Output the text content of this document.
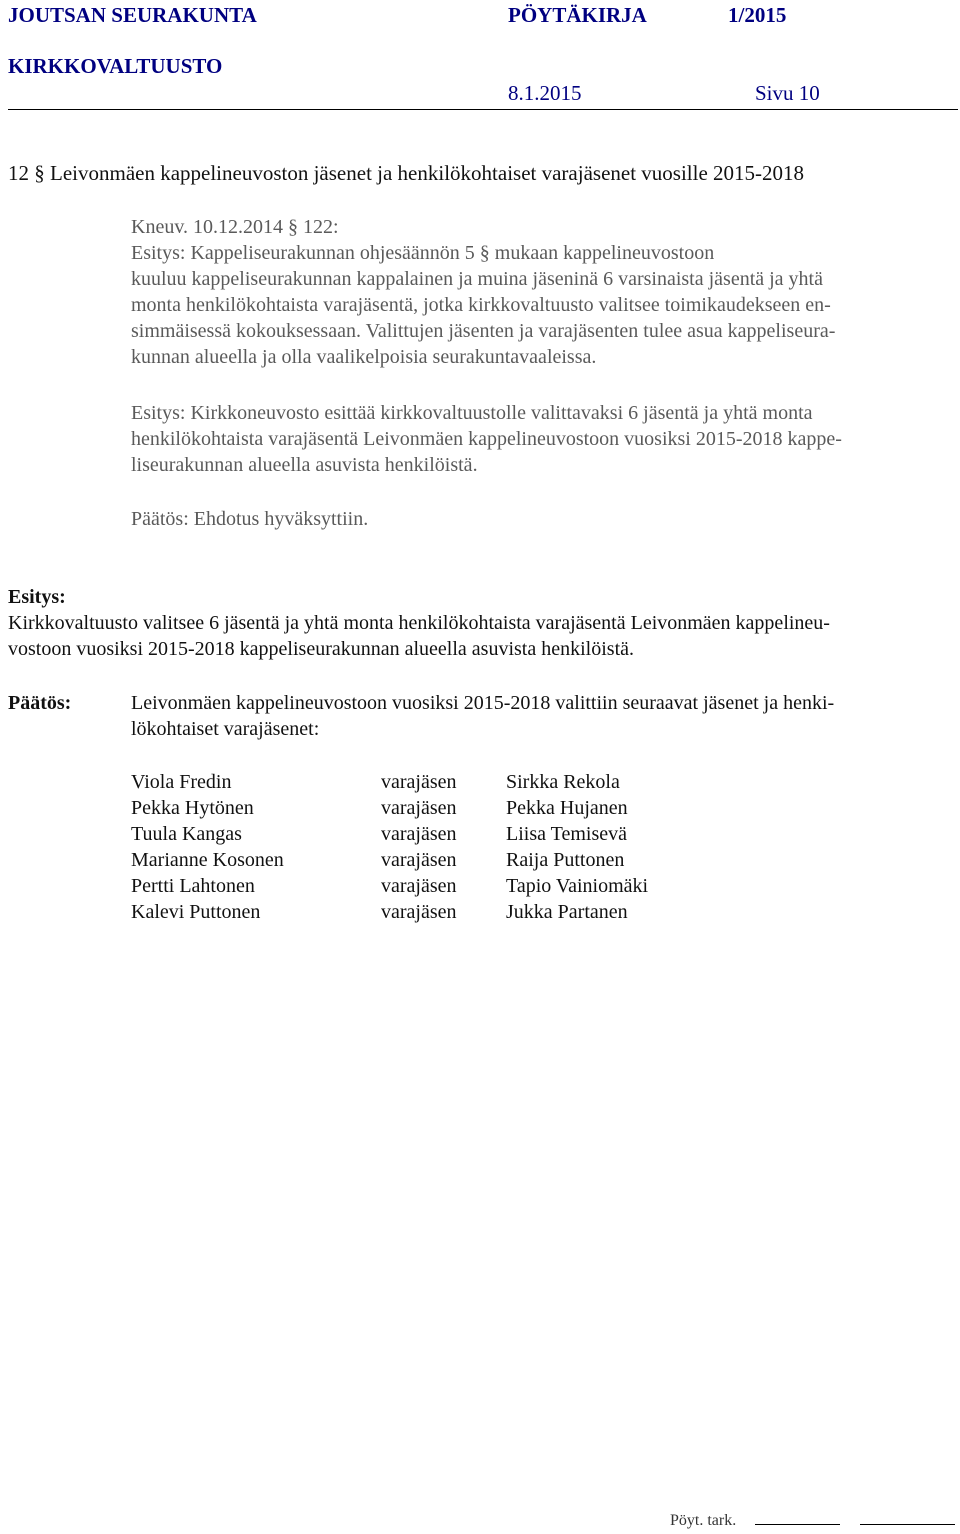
JOUTSAN SEURAKUNTA	PÖYTÄKIRJA	1/2015
KIRKKOVALTUUSTO
8.1.2015	Sivu 10
12 § Leivonmäen kappelineuvoston jäsenet ja henkilökohtaiset varajäsenet vuosille 2015-2018
Kneuv. 10.12.2014 § 122:
Esitys: Kappeliseurakunnan ohjesäännön 5 § mukaan kappelineuvostoon
kuuluu kappeliseurakunnan kappalainen ja muina jäseninä 6 varsinaista jäsentä ja yhtä
monta henkilökohtaista varajäsentä, jotka kirkkovaltuusto valitsee toimikaudekseen en-
simmäisessä kokouksessaan. Valittujen jäsenten ja varajäsenten tulee asua kappeliseura-
kunnan alueella ja olla vaalikelpoisia seurakuntavaaleissa.
Esitys: Kirkkoneuvosto esittää kirkkovaltuustolle valittavaksi 6 jäsentä ja yhtä monta
henkilökohtaista varajäsentä Leivonmäen kappelineuvostoon vuosiksi 2015-2018 kappe-
liseurakunnan alueella asuvista henkilöistä.
Päätös: Ehdotus hyväksyttiin.
Esitys:
Kirkkovaltuusto valitsee 6 jäsentä ja yhtä monta henkilökohtaista varajäsentä Leivonmäen kappelineu-
vostoon vuosiksi 2015-2018 kappeliseurakunnan alueella asuvista henkilöistä.
Päätös:	Leivonmäen kappelineuvostoon vuosiksi 2015-2018 valittiin seuraavat jäsenet ja henki-
lökohtaiset varajäsenet:
Viola Fredin	varajäsen Sirkka Rekola
Pekka Hytönen	varajäsen Pekka Hujanen
Tuula Kangas	varajäsen Liisa Temisevä
Marianne Kosonen	varajäsen Raija Puttonen
Pertti Lahtonen	varajäsen Tapio Vainiomäki
Kalevi Puttonen	varajäsen Jukka Partanen
Pöyt. tark.
